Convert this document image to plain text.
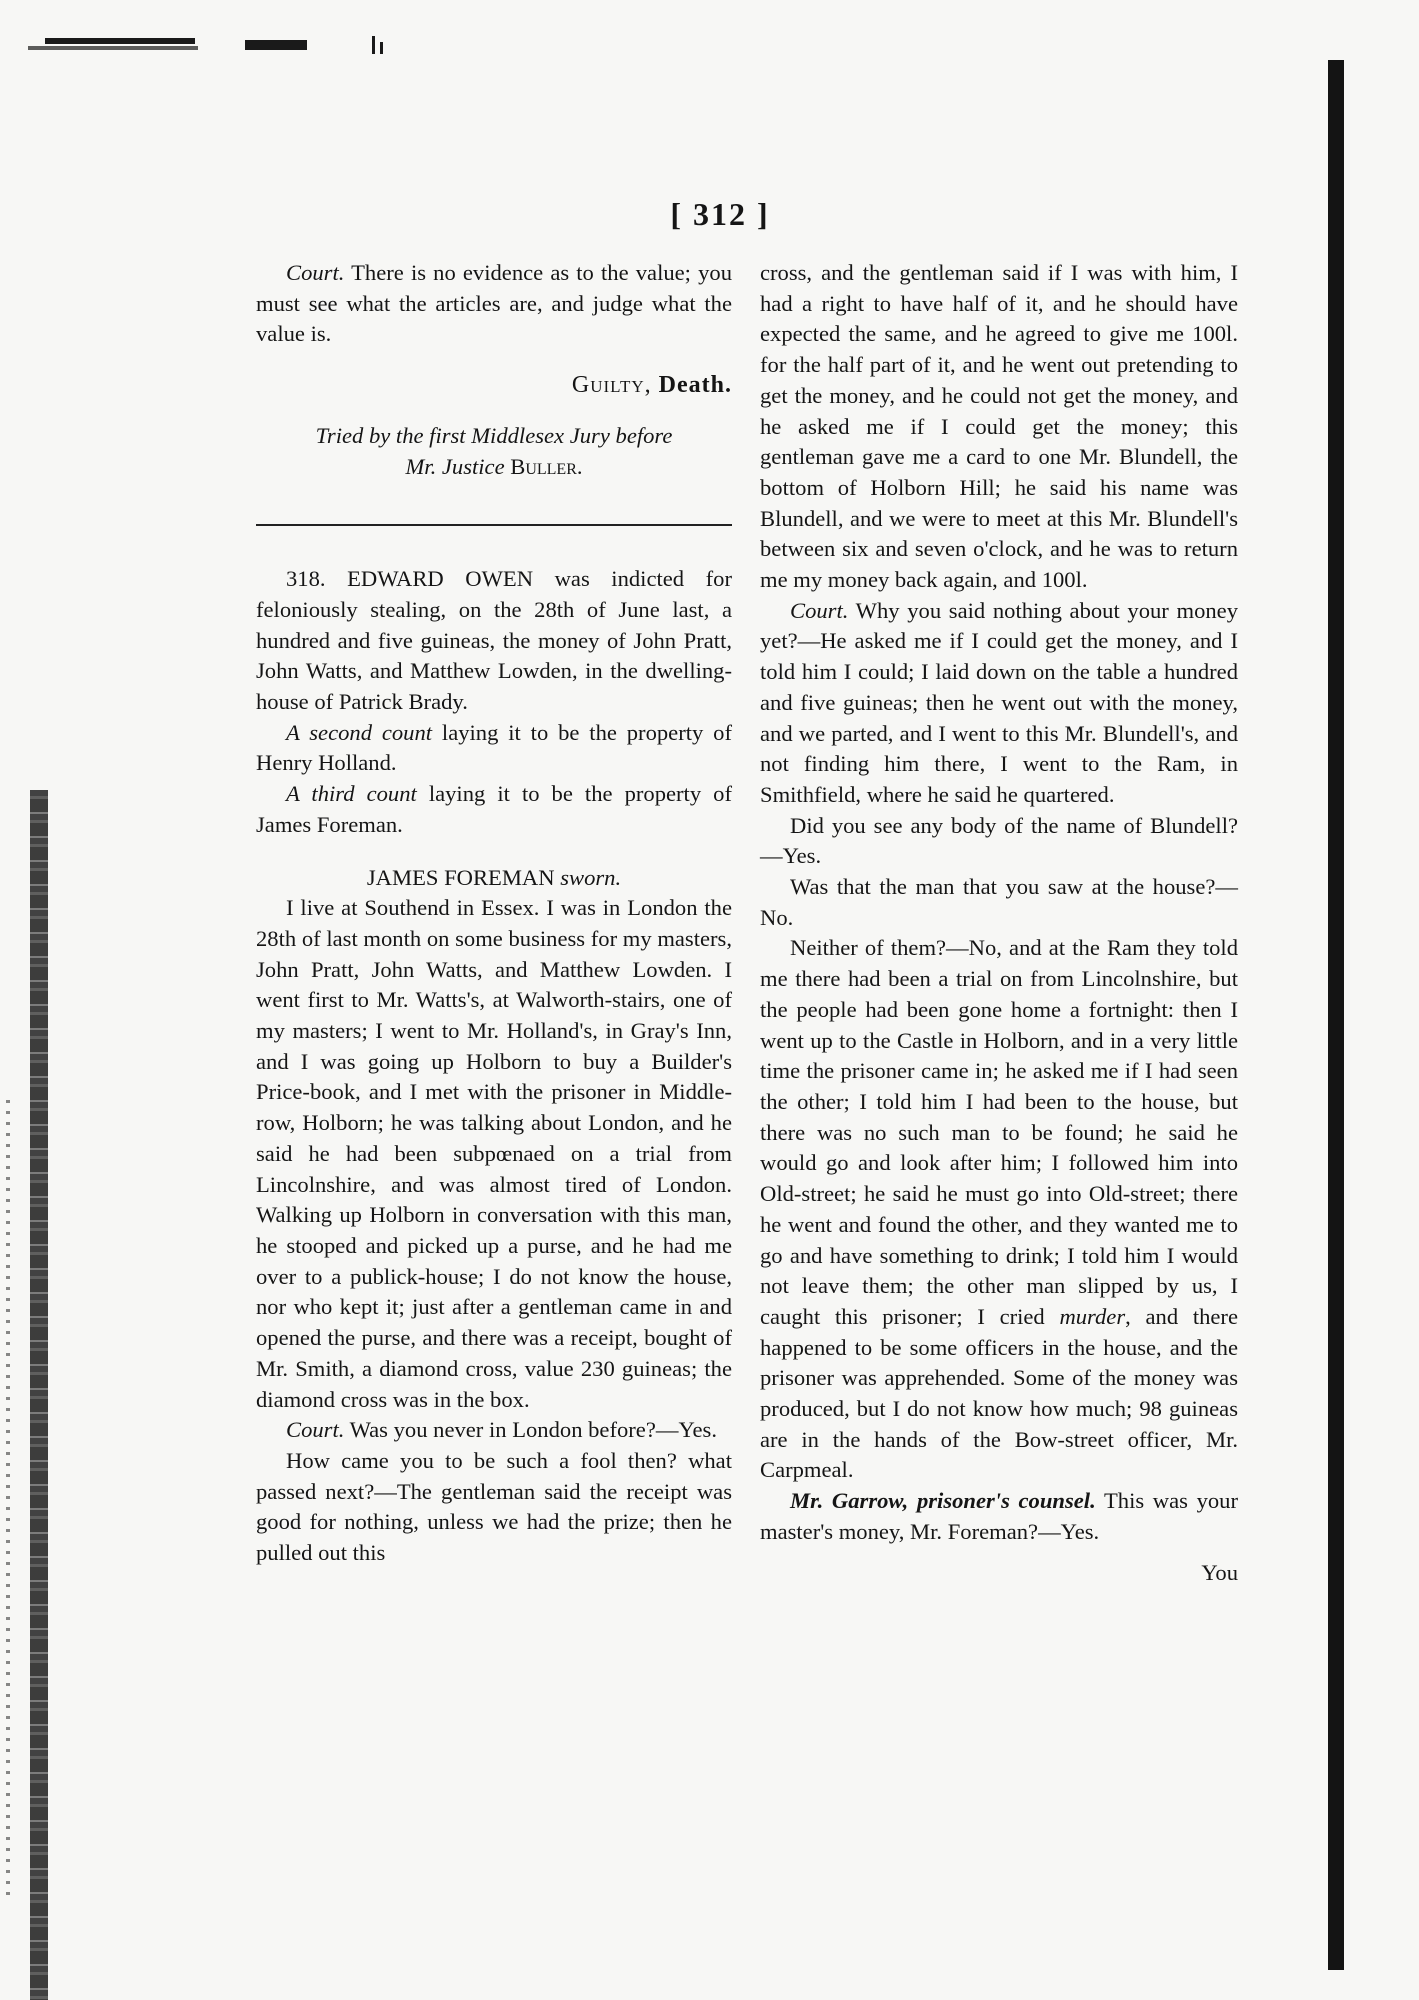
[ 312 ]

Court. There is no evidence as to the value; you must see what the articles are, and judge what the value is.

Guilty, Death.

Tried by the first Middlesex Jury before
Mr. Justice Buller.

318. EDWARD OWEN was indicted for feloniously stealing, on the 28th of June last, a hundred and five guineas, the money of John Pratt, John Watts, and Matthew Lowden, in the dwelling-house of Patrick Brady.

A second count laying it to be the property of Henry Holland.

A third count laying it to be the property of James Foreman.

JAMES FOREMAN sworn.

I live at Southend in Essex. I was in London the 28th of last month on some business for my masters, John Pratt, John Watts, and Matthew Lowden. I went first to Mr. Watts's, at Walworth-stairs, one of my masters; I went to Mr. Holland's, in Gray's Inn, and I was going up Holborn to buy a Builder's Price-book, and I met with the prisoner in Middle-row, Holborn; he was talking about London, and he said he had been subpœnaed on a trial from Lincolnshire, and was almost tired of London. Walking up Holborn in conversation with this man, he stooped and picked up a purse, and he had me over to a publick-house; I do not know the house, nor who kept it; just after a gentleman came in and opened the purse, and there was a receipt, bought of Mr. Smith, a diamond cross, value 230 guineas; the diamond cross was in the box.

Court. Was you never in London before?—Yes.

How came you to be such a fool then? what passed next?—The gentleman said the receipt was good for nothing, unless we had the prize; then he pulled out this

cross, and the gentleman said if I was with him, I had a right to have half of it, and he should have expected the same, and he agreed to give me 100l. for the half part of it, and he went out pretending to get the money, and he could not get the money, and he asked me if I could get the money; this gentleman gave me a card to one Mr. Blundell, the bottom of Holborn Hill; he said his name was Blundell, and we were to meet at this Mr. Blundell's between six and seven o'clock, and he was to return me my money back again, and 100l.

Court. Why you said nothing about your money yet?—He asked me if I could get the money, and I told him I could; I laid down on the table a hundred and five guineas; then he went out with the money, and we parted, and I went to this Mr. Blundell's, and not finding him there, I went to the Ram, in Smithfield, where he said he quartered.

Did you see any body of the name of Blundell?—Yes.

Was that the man that you saw at the house?—No.

Neither of them?—No, and at the Ram they told me there had been a trial on from Lincolnshire, but the people had been gone home a fortnight: then I went up to the Castle in Holborn, and in a very little time the prisoner came in; he asked me if I had seen the other; I told him I had been to the house, but there was no such man to be found; he said he would go and look after him; I followed him into Old-street; he said he must go into Old-street; there he went and found the other, and they wanted me to go and have something to drink; I told him I would not leave them; the other man slipped by us, I caught this prisoner; I cried murder, and there happened to be some officers in the house, and the prisoner was apprehended. Some of the money was produced, but I do not know how much; 98 guineas are in the hands of the Bow-street officer, Mr. Carpmeal.

Mr. Garrow, prisoner's counsel. This was your master's money, Mr. Foreman?—Yes.

You
